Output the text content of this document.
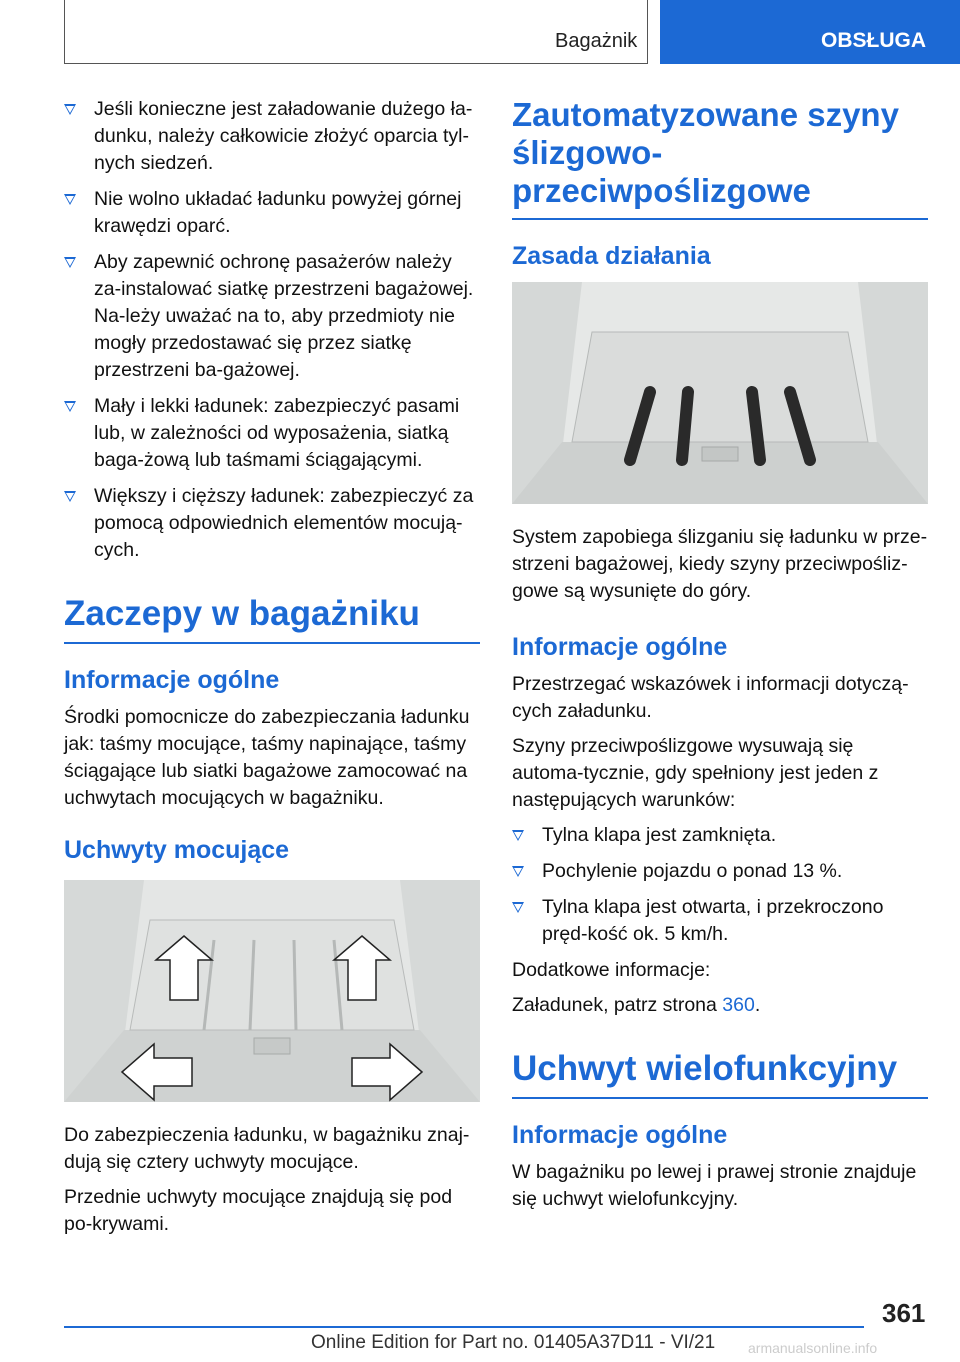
Bagażnik	OBSŁUGA
Jeśli konieczne jest załadowanie dużego ła-dunku, należy całkowicie złożyć oparcia tyl-nych siedzeń.
Nie wolno układać ładunku powyżej górnej krawędzi oparć.
Aby zapewnić ochronę pasażerów należy za-instalować siatkę przestrzeni bagażowej. Na-leży uważać na to, aby przedmioty nie mogły przedostawać się przez siatkę przestrzeni ba-gażowej.
Mały i lekki ładunek: zabezpieczyć pasami lub, w zależności od wyposażenia, siatką baga-żową lub taśmami ściągającymi.
Większy i cięższy ładunek: zabezpieczyć za pomocą odpowiednich elementów mocują-cych.
Zaczepy w bagażniku
Informacje ogólne

Środki pomocnicze do zabezpieczania ładunku jak: taśmy mocujące, taśmy napinające, taśmy ściągające lub siatki bagażowe zamocować na uchwytach mocujących w bagażniku.

Uchwyty mocujące

Do zabezpieczenia ładunku, w bagażniku znaj-dują się cztery uchwyty mocujące.

Przednie uchwyty mocujące znajdują się pod po-krywami.

Zautomatyzowane szyny ślizgowo-przeciwpoślizgowe
Zasada działania

System zapobiega ślizganiu się ładunku w prze-strzeni bagażowej, kiedy szyny przeciwpośliz-gowe są wysunięte do góry.

Informacje ogólne

Przestrzegać wskazówek i informacji dotyczą-cych załadunku.

Szyny przeciwpoślizgowe wysuwają się automa-tycznie, gdy spełniony jest jeden z następujących warunków:

Tylna klapa jest zamknięta.
Pochylenie pojazdu o ponad 13 %.
Tylna klapa jest otwarta, i przekroczono pręd-kość ok. 5 km/h.

Dodatkowe informacje:

Załadunek, patrz strona 360.

Uchwyt wielofunkcyjny
Informacje ogólne

W bagażniku po lewej i prawej stronie znajduje się uchwyt wielofunkcyjny.

361
Online Edition for Part no. 01405A37D11 - VI/21 armanualsonline.info
